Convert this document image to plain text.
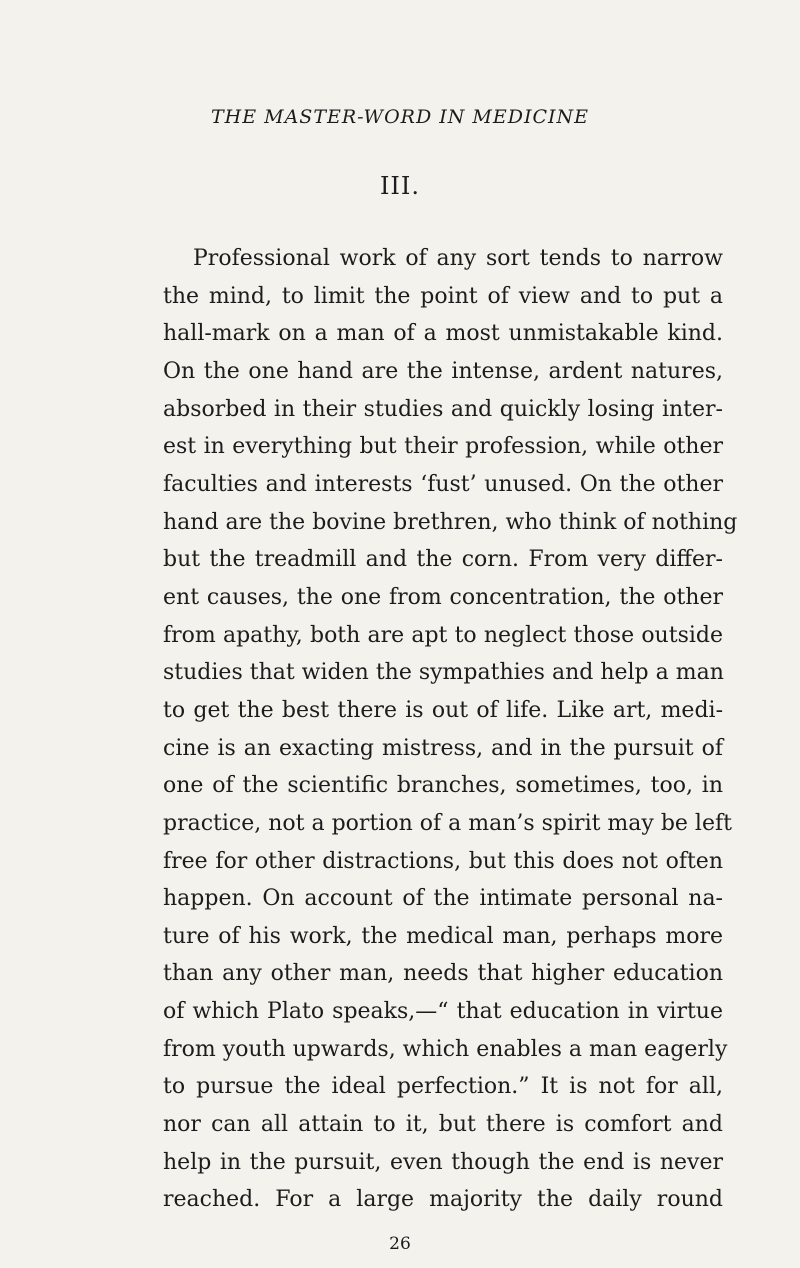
THE MASTER-WORD IN MEDICINE
III.
Professional work of any sort tends to narrow
the mind, to limit the point of view and to put a
hall-mark on a man of a most unmistakable kind.
On the one hand are the intense, ardent natures,
absorbed in their studies and quickly losing inter-
est in everything but their profession, while other
faculties and interests ‘fust’ unused. On the other
hand are the bovine brethren, who think of nothing
but the treadmill and the corn. From very differ-
ent causes, the one from concentration, the other
from apathy, both are apt to neglect those outside
studies that widen the sympathies and help a man
to get the best there is out of life. Like art, medi-
cine is an exacting mistress, and in the pursuit of
one of the scientific branches, sometimes, too, in
practice, not a portion of a man’s spirit may be left
free for other distractions, but this does not often
happen. On account of the intimate personal na-
ture of his work, the medical man, perhaps more
than any other man, needs that higher education
of which Plato speaks,—“ that education in virtue
from youth upwards, which enables a man eagerly
to pursue the ideal perfection.” It is not for all,
nor can all attain to it, but there is comfort and
help in the pursuit, even though the end is never
reached. For a large majority the daily round

26
